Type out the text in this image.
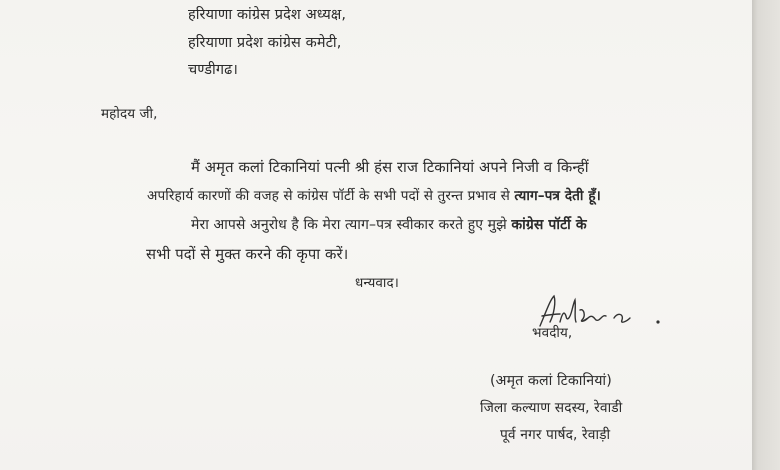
हरियाणा कांग्रेस प्रदेश अध्यक्ष,
हरियाणा प्रदेश कांग्रेस कमेटी,
चण्डीगढ।
महोदय जी,
मैं अमृत कलां टिकानियां पत्नी श्री हंस राज टिकानियां अपने निजी व किन्हीं
अपरिहार्य कारणों की वजह से कांग्रेस पॉर्टी के सभी पदों से तुरन्त प्रभाव से त्याग–पत्र देती हूँ।
मेरा आपसे अनुरोध है कि मेरा त्याग–पत्र स्वीकार करते हुए मुझे कांग्रेस पॉर्टी के
सभी पदों से मुक्त करने की कृपा करें।
धन्यवाद।
भवदीय,
(अमृत कलां टिकानियां)
जिला कल्याण सदस्य, रेवाडी
पूर्व नगर पार्षद, रेवाड़ी
